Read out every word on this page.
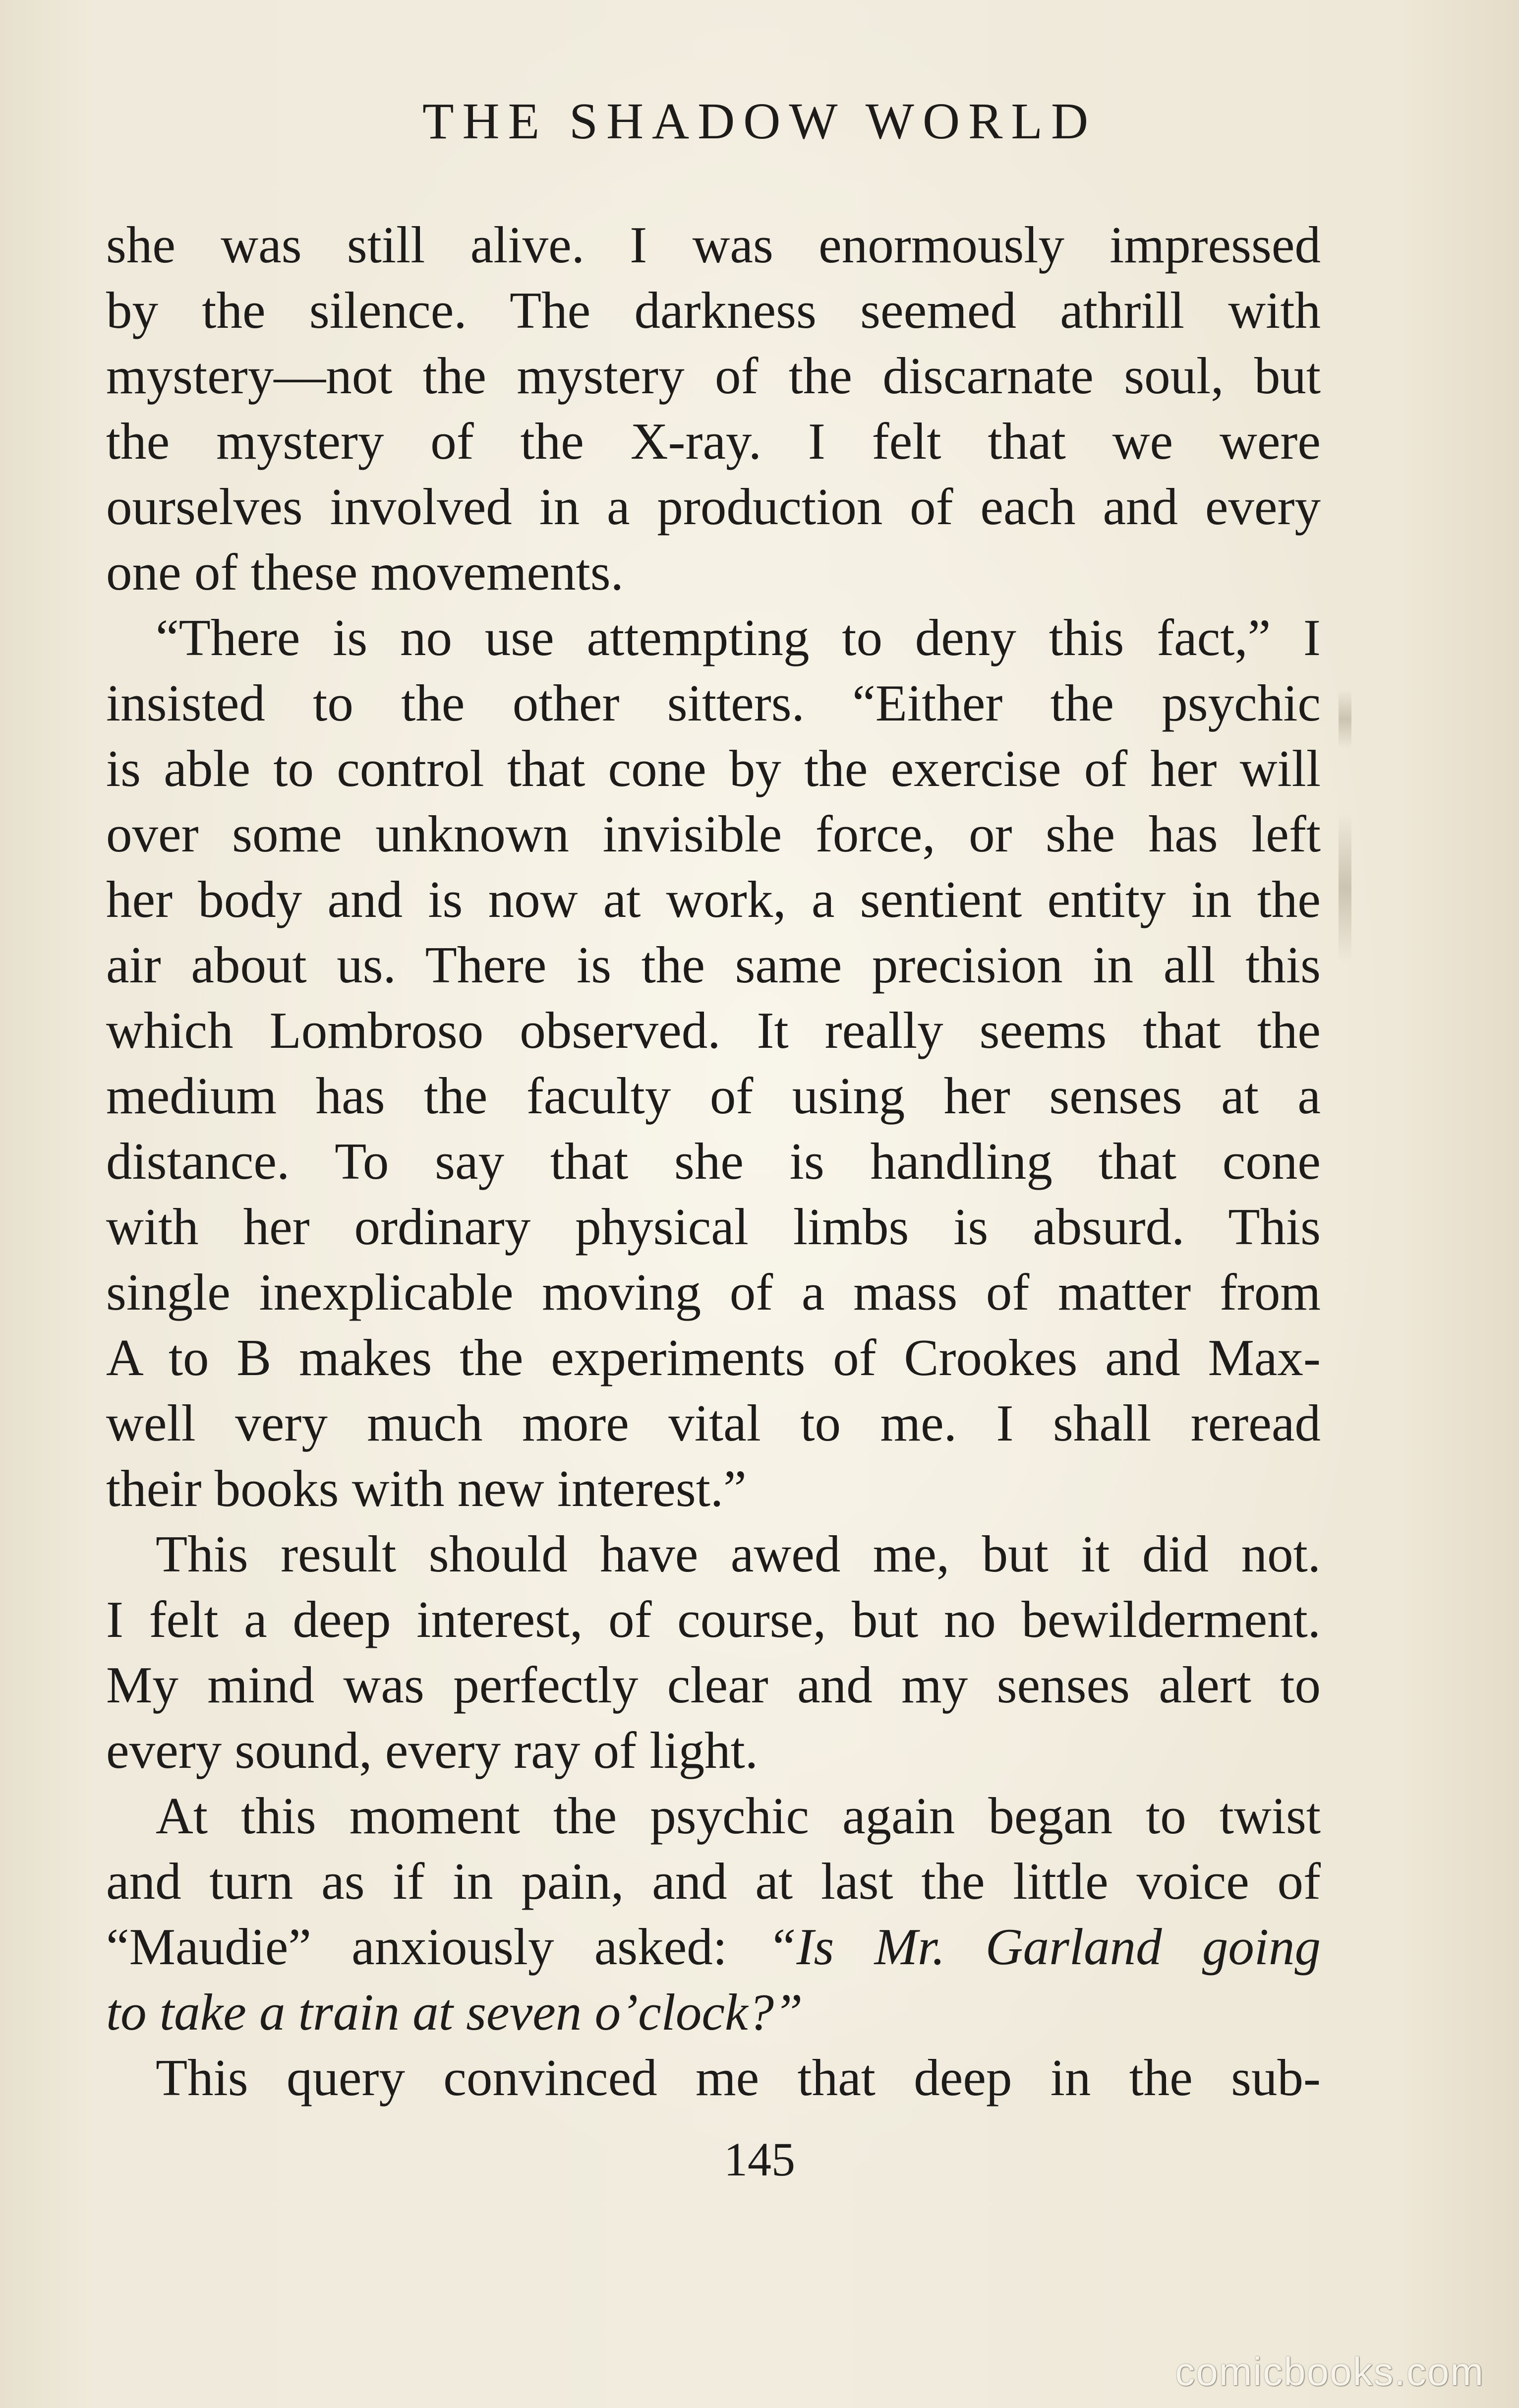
THE SHADOW WORLD
she was still alive. I was enormously impressed
by the silence. The darkness seemed athrill with
mystery—not the mystery of the discarnate soul, but
the mystery of the X-ray. I felt that we were
ourselves involved in a production of each and every
one of these movements.
“There is no use attempting to deny this fact,” I
insisted to the other sitters. “Either the psychic
is able to control that cone by the exercise of her will
over some unknown invisible force, or she has left
her body and is now at work, a sentient entity in the
air about us. There is the same precision in all this
which Lombroso observed. It really seems that the
medium has the faculty of using her senses at a
distance. To say that she is handling that cone
with her ordinary physical limbs is absurd. This
single inexplicable moving of a mass of matter from
A to B makes the experiments of Crookes and Max-
well very much more vital to me. I shall reread
their books with new interest.”
This result should have awed me, but it did not.
I felt a deep interest, of course, but no bewilderment.
My mind was perfectly clear and my senses alert to
every sound, every ray of light.
At this moment the psychic again began to twist
and turn as if in pain, and at last the little voice of
“Maudie” anxiously asked: “Is Mr. Garland going
to take a train at seven o’clock?”
This query convinced me that deep in the sub-
145
comicbooks.com
